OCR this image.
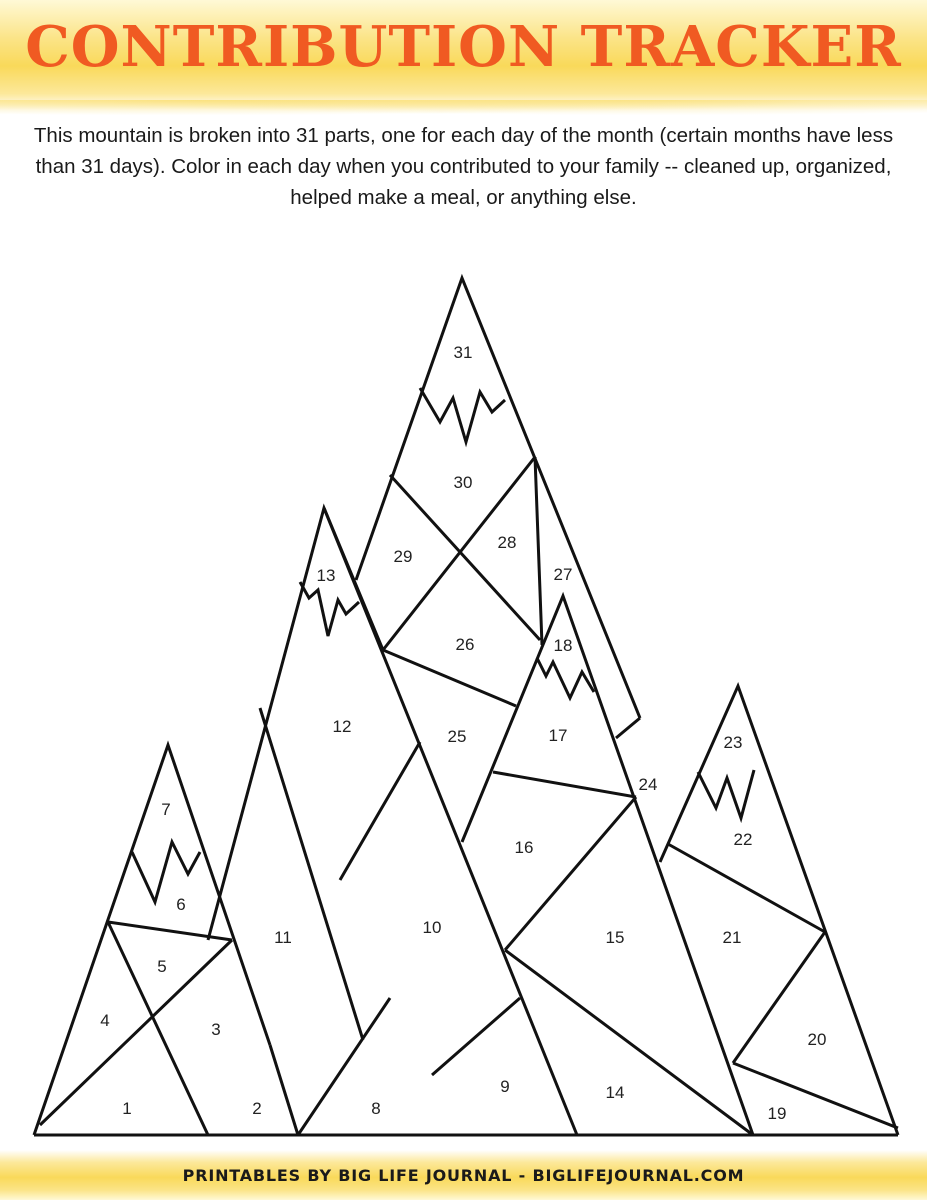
CONTRIBUTION TRACKER

This mountain is broken into 31 parts, one for each day of the month (certain months have less than 31 days). Color in each day when you contributed to your family -- cleaned up, organized, helped make a meal, or anything else.

1	2
3
4
5
6
7
8
9
10
11
12
13
14
15
16
17
18
19
20
21
22
23
24
25
26
27
28
29
30
31
PRINTABLES BY BIG LIFE JOURNAL - BIGLIFEJOURNAL.COM
